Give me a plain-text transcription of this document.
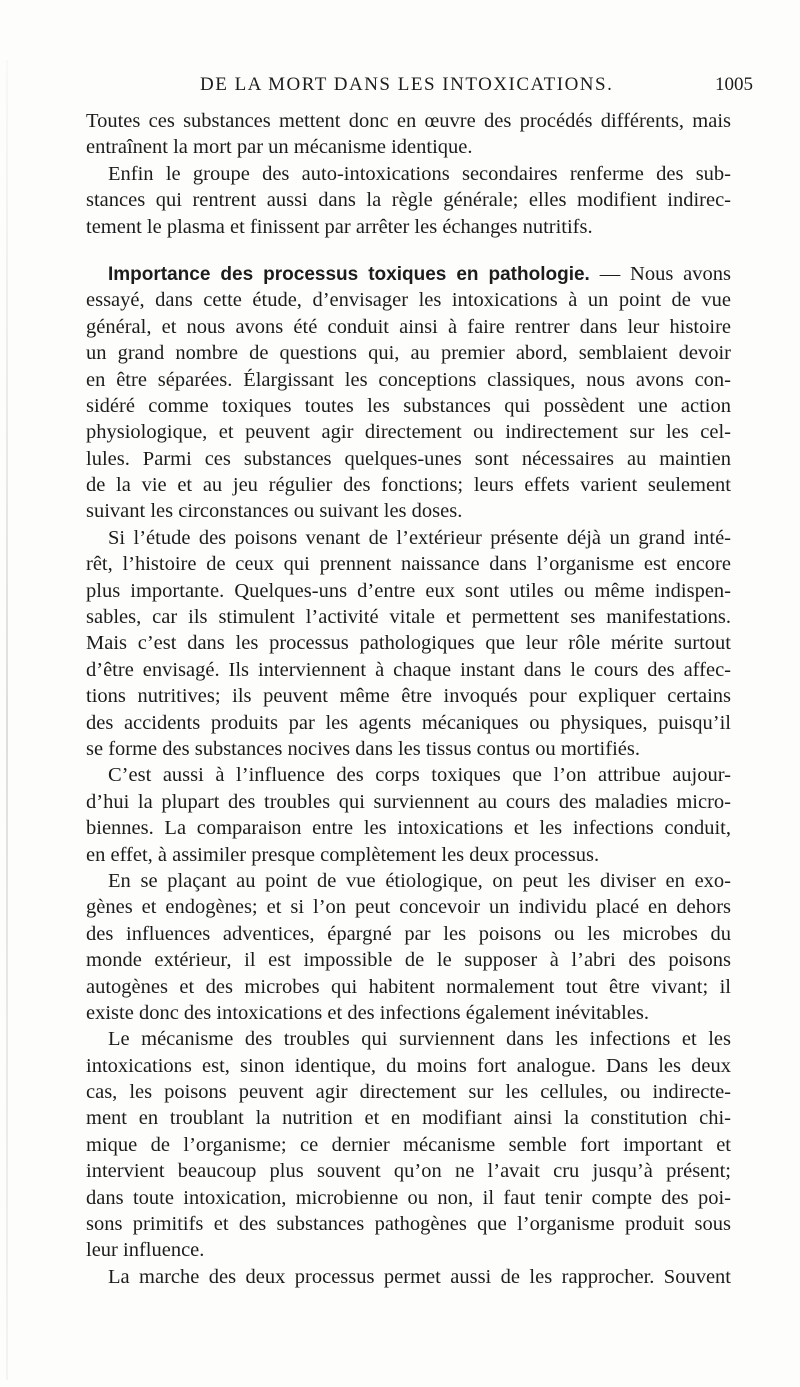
DE LA MORT DANS LES INTOXICATIONS.	1005
Toutes ces substances mettent donc en œuvre des procédés différents, mais
entraînent la mort par un mécanisme identique.
Enfin le groupe des auto-intoxications secondaires renferme des sub-
stances qui rentrent aussi dans la règle générale; elles modifient indirec-
tement le plasma et finissent par arrêter les échanges nutritifs.
Importance des processus toxiques en pathologie. — Nous avons
essayé, dans cette étude, d’envisager les intoxications à un point de vue
général, et nous avons été conduit ainsi à faire rentrer dans leur histoire
un grand nombre de questions qui, au premier abord, semblaient devoir
en être séparées. Élargissant les conceptions classiques, nous avons con-
sidéré comme toxiques toutes les substances qui possèdent une action
physiologique, et peuvent agir directement ou indirectement sur les cel-
lules. Parmi ces substances quelques-unes sont nécessaires au maintien
de la vie et au jeu régulier des fonctions; leurs effets varient seulement
suivant les circonstances ou suivant les doses.
Si l’étude des poisons venant de l’extérieur présente déjà un grand inté-
rêt, l’histoire de ceux qui prennent naissance dans l’organisme est encore
plus importante. Quelques-uns d’entre eux sont utiles ou même indispen-
sables, car ils stimulent l’activité vitale et permettent ses manifestations.
Mais c’est dans les processus pathologiques que leur rôle mérite surtout
d’être envisagé. Ils interviennent à chaque instant dans le cours des affec-
tions nutritives; ils peuvent même être invoqués pour expliquer certains
des accidents produits par les agents mécaniques ou physiques, puisqu’il
se forme des substances nocives dans les tissus contus ou mortifiés.
C’est aussi à l’influence des corps toxiques que l’on attribue aujour-
d’hui la plupart des troubles qui surviennent au cours des maladies micro-
biennes. La comparaison entre les intoxications et les infections conduit,
en effet, à assimiler presque complètement les deux processus.
En se plaçant au point de vue étiologique, on peut les diviser en exo-
gènes et endogènes; et si l’on peut concevoir un individu placé en dehors
des influences adventices, épargné par les poisons ou les microbes du
monde extérieur, il est impossible de le supposer à l’abri des poisons
autogènes et des microbes qui habitent normalement tout être vivant; il
existe donc des intoxications et des infections également inévitables.
Le mécanisme des troubles qui surviennent dans les infections et les
intoxications est, sinon identique, du moins fort analogue. Dans les deux
cas, les poisons peuvent agir directement sur les cellules, ou indirecte-
ment en troublant la nutrition et en modifiant ainsi la constitution chi-
mique de l’organisme; ce dernier mécanisme semble fort important et
intervient beaucoup plus souvent qu’on ne l’avait cru jusqu’à présent;
dans toute intoxication, microbienne ou non, il faut tenir compte des poi-
sons primitifs et des substances pathogènes que l’organisme produit sous
leur influence.
La marche des deux processus permet aussi de les rapprocher. Souvent
